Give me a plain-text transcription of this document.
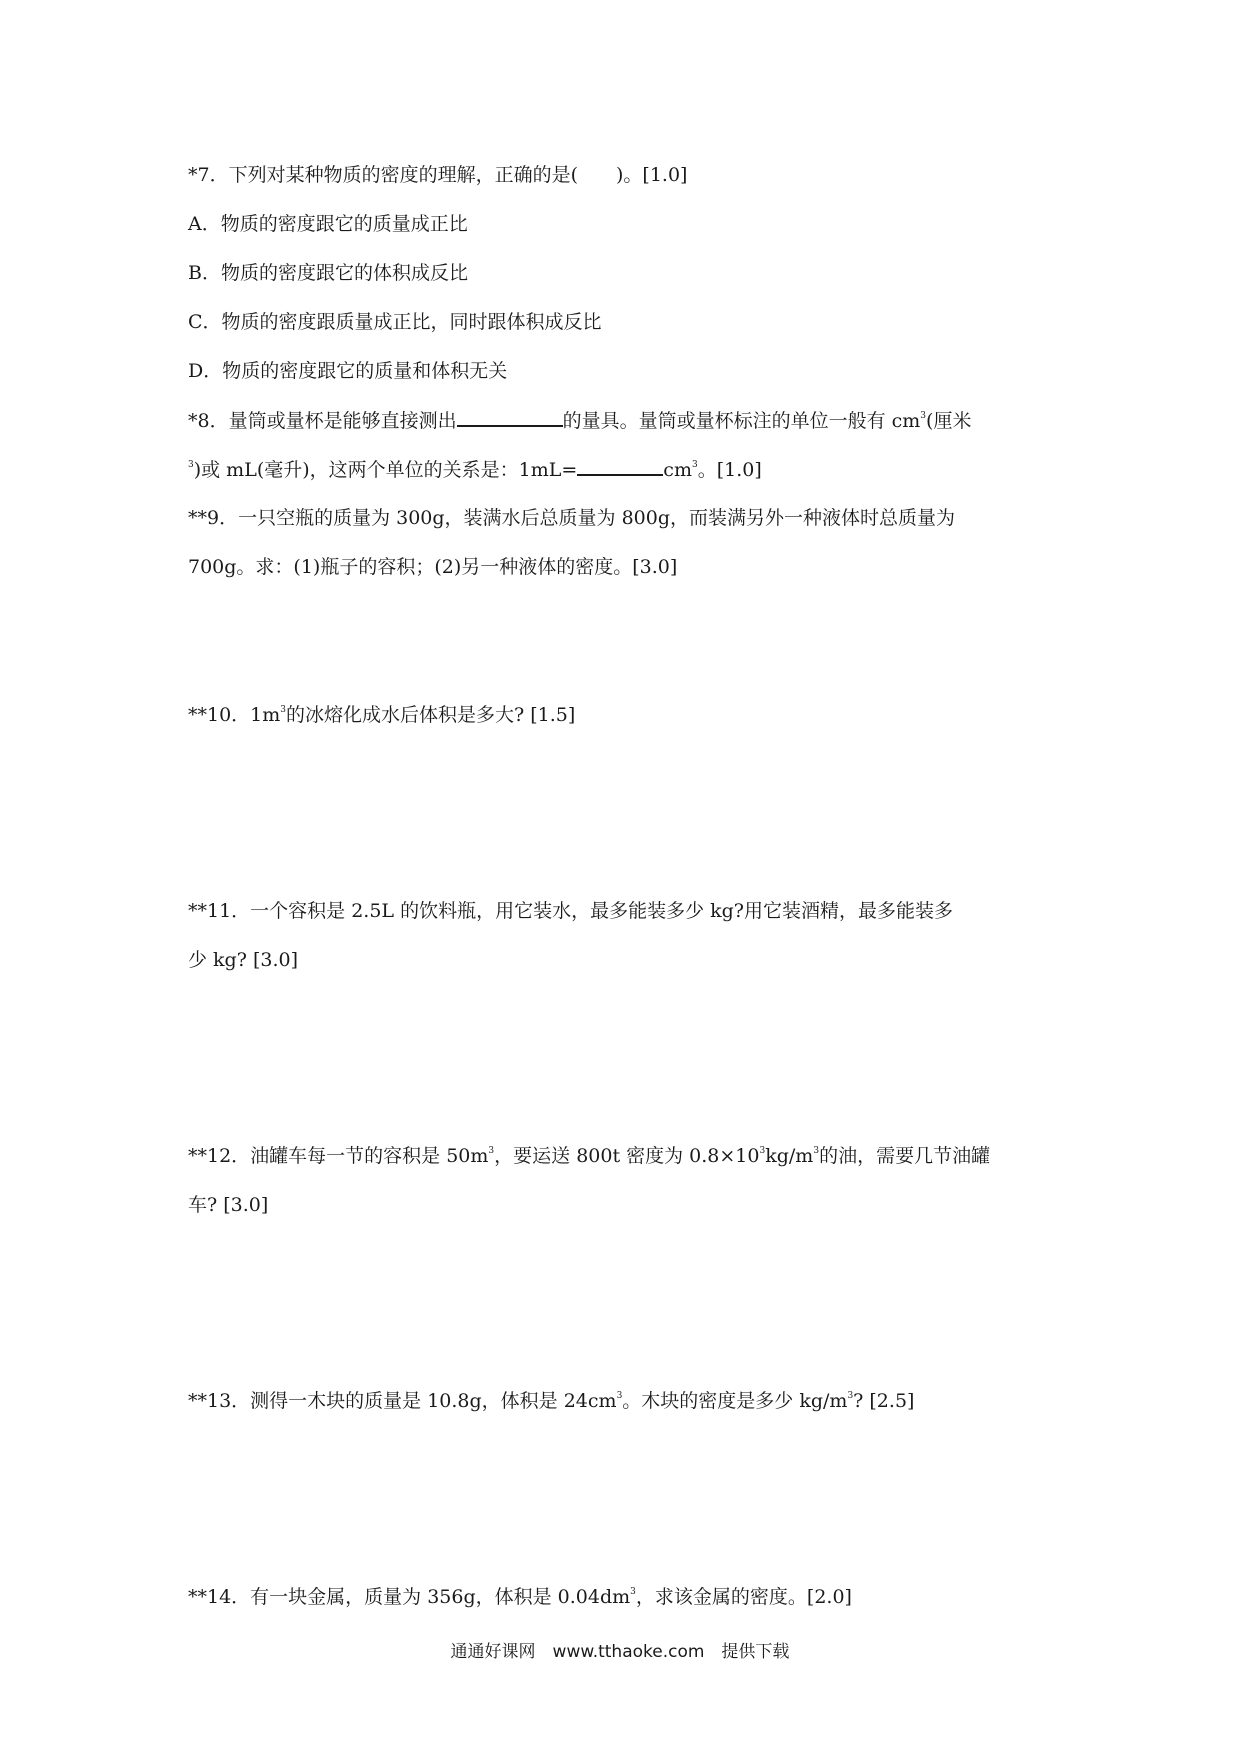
*7．下列对某种物质的密度的理解，正确的是(　　)。[1.0]
A．物质的密度跟它的质量成正比
B．物质的密度跟它的体积成反比
C．物质的密度跟质量成正比，同时跟体积成反比
D．物质的密度跟它的质量和体积无关
*8．量筒或量杯是能够直接测出	的量具。量筒或量杯标注的单位一般有 $cm^3$(厘米
$^3$)或 mL(毫升)，这两个单位的关系是：1mL=	$cm^3$。[1.0]
**9．一只空瓶的质量为 300g，装满水后总质量为 800g，而装满另外一种液体时总质量为
700g。求：(1)瓶子的容积；(2)另一种液体的密度。[3.0]
**10．$1m^3$的冰熔化成水后体积是多大? [1.5]
**11．一个容积是 2.5L 的饮料瓶，用它装水，最多能装多少 kg?用它装酒精，最多能装多
少 kg? [3.0]
**12．油罐车每一节的容积是 $50m^3$，要运送 800t 密度为 $0.8\times 10^3kg/m^3$的油，需要几节油罐
车? [3.0]
**13．测得一木块的质量是 10.8g，体积是 $24cm^3$。木块的密度是多少 $kg/m^3$? [2.5]
**14．有一块金属，质量为 356g，体积是 $0.04dm^3$，求该金属的密度。[2.0]
通通好课网　www.tthaoke.com　提供下载
